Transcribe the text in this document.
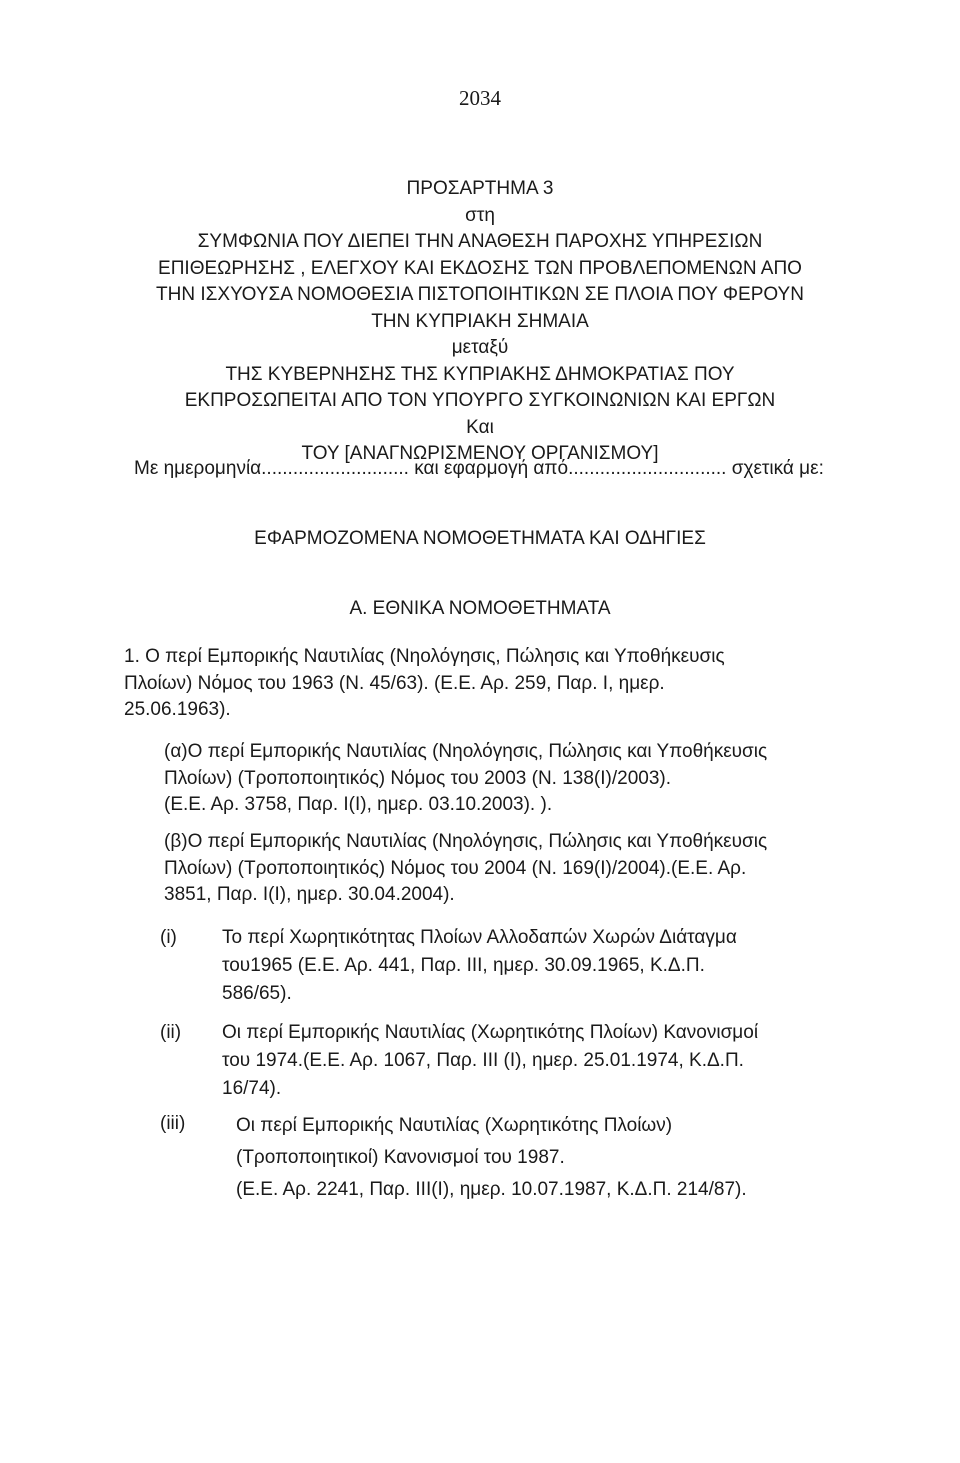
2034
ΠΡΟΣΑΡΤΗΜΑ 3
στη
ΣΥΜΦΩΝΙΑ ΠΟΥ ΔΙΕΠΕΙ ΤΗΝ ΑΝΑΘΕΣΗ ΠΑΡΟΧΗΣ ΥΠΗΡΕΣΙΩΝ
ΕΠΙΘΕΩΡΗΣΗΣ , ΕΛΕΓΧΟΥ ΚΑΙ ΕΚΔΟΣΗΣ ΤΩΝ ΠΡΟΒΛΕΠΟΜΕΝΩΝ ΑΠΟ
ΤΗΝ ΙΣΧΥΟΥΣΑ ΝΟΜΟΘΕΣΙΑ ΠΙΣΤΟΠΟΙΗΤΙΚΩΝ ΣΕ ΠΛΟΙΑ ΠΟΥ ΦΕΡΟΥΝ
ΤΗΝ ΚΥΠΡΙΑΚΗ ΣΗΜΑΙΑ
μεταξύ
ΤΗΣ ΚΥΒΕΡΝΗΣΗΣ ΤΗΣ ΚΥΠΡΙΑΚΗΣ ΔΗΜΟΚΡΑΤΙΑΣ ΠΟΥ
ΕΚΠΡΟΣΩΠΕΙΤΑΙ ΑΠΟ ΤΟΝ ΥΠΟΥΡΓΟ ΣΥΓΚΟΙΝΩΝΙΩΝ ΚΑΙ ΕΡΓΩΝ
Και
ΤΟΥ [ΑΝΑΓΝΩΡΙΣΜΕΝΟΥ ΟΡΓΑΝΙΣΜΟΥ]
Με ημερομηνία............................ και εφαρμογή από.............................. σχετικά με:
ΕΦΑΡΜΟΖΟΜΕΝΑ ΝΟΜΟΘΕΤΗΜΑΤΑ ΚΑΙ ΟΔΗΓΙΕΣ
Α. ΕΘΝΙΚΑ ΝΟΜΟΘΕΤΗΜΑΤΑ
1. Ο περί Εμπορικής Ναυτιλίας (Νηολόγησις, Πώλησις και Υποθήκευσις
Πλοίων) Νόμος του 1963 (Ν. 45/63). (Ε.Ε. Αρ. 259, Παρ. Ι, ημερ.
25.06.1963).
(α)Ο περί Εμπορικής Ναυτιλίας (Νηολόγησις, Πώλησις και Υποθήκευσις
Πλοίων) (Τροποποιητικός) Νόμος του 2003 (Ν. 138(Ι)/2003).
(Ε.Ε. Αρ. 3758, Παρ. Ι(Ι), ημερ. 03.10.2003). ).
(β)Ο περί Εμπορικής Ναυτιλίας (Νηολόγησις, Πώλησις και Υποθήκευσις
Πλοίων) (Τροποποιητικός) Νόμος του 2004 (Ν. 169(Ι)/2004).(Ε.Ε. Αρ.
3851, Παρ. Ι(Ι), ημερ. 30.04.2004).
(i) Το περί Χωρητικότητας Πλοίων Αλλοδαπών Χωρών Διάταγμα
του1965 (Ε.Ε. Αρ. 441, Παρ. ΙΙΙ, ημερ. 30.09.1965, Κ.Δ.Π.
586/65).
(ii) Οι περί Εμπορικής Ναυτιλίας (Χωρητικότης Πλοίων) Κανονισμοί
του 1974.(Ε.Ε. Αρ. 1067, Παρ. ΙΙΙ (Ι), ημερ. 25.01.1974, Κ.Δ.Π.
16/74).
(iii)	Οι περί Εμπορικής Ναυτιλίας (Χωρητικότης Πλοίων)
(Τροποποιητικοί) Κανονισμοί του 1987.
(Ε.Ε. Αρ. 2241, Παρ. ΙΙΙ(Ι), ημερ. 10.07.1987, Κ.Δ.Π. 214/87).
